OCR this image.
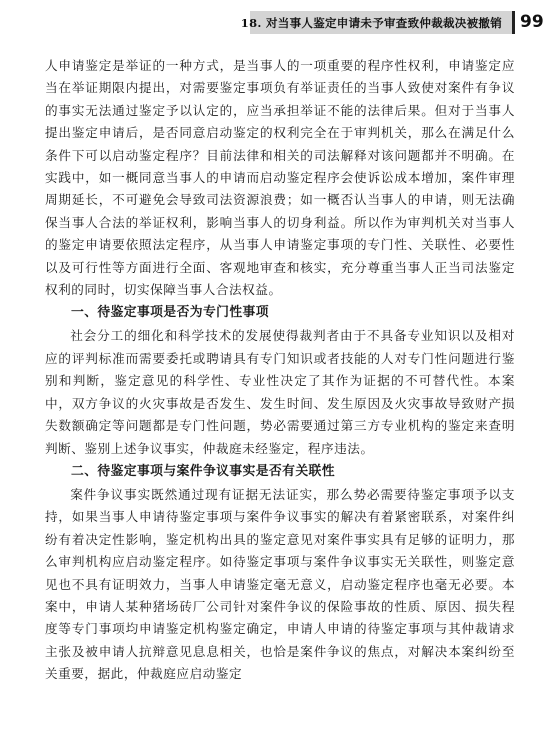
18. 对当事人鉴定申请未予审查致仲裁裁决被撤销 99

人申请鉴定是举证的一种方式，是当事人的一项重要的程序性权利，申请鉴定应当在举证期限内提出，对需要鉴定事项负有举证责任的当事人致使对案件有争议的事实无法通过鉴定予以认定的，应当承担举证不能的法律后果。但对于当事人提出鉴定申请后，是否同意启动鉴定的权利完全在于审判机关，那么在满足什么条件下可以启动鉴定程序？目前法律和相关的司法解释对该问题都并不明确。在实践中，如一概同意当事人的申请而启动鉴定程序会使诉讼成本增加，案件审理周期延长，不可避免会导致司法资源浪费；如一概否认当事人的申请，则无法确保当事人合法的举证权利，影响当事人的切身利益。所以作为审判机关对当事人的鉴定申请要依照法定程序，从当事人申请鉴定事项的专门性、关联性、必要性以及可行性等方面进行全面、客观地审查和核实，充分尊重当事人正当司法鉴定权利的同时，切实保障当事人合法权益。

一、待鉴定事项是否为专门性事项

社会分工的细化和科学技术的发展使得裁判者由于不具备专业知识以及相对应的评判标准而需要委托或聘请具有专门知识或者技能的人对专门性问题进行鉴别和判断，鉴定意见的科学性、专业性决定了其作为证据的不可替代性。本案中，双方争议的火灾事故是否发生、发生时间、发生原因及火灾事故导致财产损失数额确定等问题都是专门性问题，势必需要通过第三方专业机构的鉴定来查明判断、鉴别上述争议事实，仲裁庭未经鉴定，程序违法。

二、待鉴定事项与案件争议事实是否有关联性

案件争议事实既然通过现有证据无法证实，那么势必需要待鉴定事项予以支持，如果当事人申请待鉴定事项与案件争议事实的解决有着紧密联系，对案件纠纷有着决定性影响，鉴定机构出具的鉴定意见对案件事实具有足够的证明力，那么审判机构应启动鉴定程序。如待鉴定事项与案件争议事实无关联性，则鉴定意见也不具有证明效力，当事人申请鉴定毫无意义，启动鉴定程序也毫无必要。本案中，申请人某种猪场砖厂公司针对案件争议的保险事故的性质、原因、损失程度等专门事项均申请鉴定机构鉴定确定，申请人申请的待鉴定事项与其仲裁请求主张及被申请人抗辩意见息息相关，也恰是案件争议的焦点，对解决本案纠纷至关重要，据此，仲裁庭应启动鉴定
